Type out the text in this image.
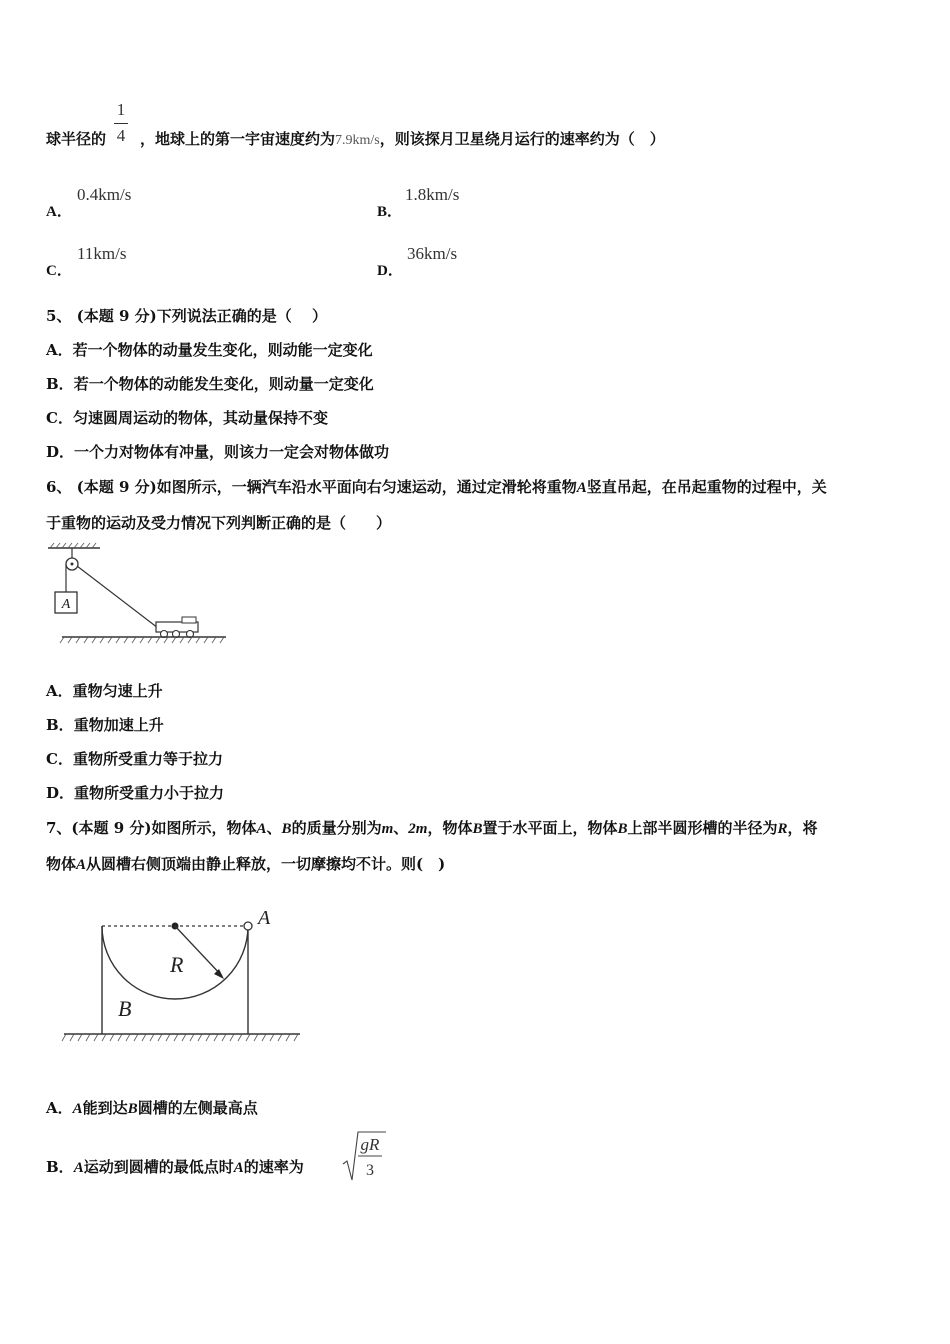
1
4
球半径的 ，地球上的第一宇宙速度约为7.9km/s，则该探月卫星绕月运行的速率约为（　）
A．
0.4km/s
B．
1.8km/s
C．
11km/s
D．
36km/s
5、 (本题 9 分)下列说法正确的是（　 ）
A．若一个物体的动量发生变化，则动能一定变化
B．若一个物体的动能发生变化，则动量一定变化
C．匀速圆周运动的物体，其动量保持不变
D．一个力对物体有冲量，则该力一定会对物体做功
6、 (本题 9 分)如图所示，一辆汽车沿水平面向右匀速运动，通过定滑轮将重物A竖直吊起，在吊起重物的过程中，关
于重物的运动及受力情况下列判断正确的是（　　）
A
A．重物匀速上升
B．重物加速上升
C．重物所受重力等于拉力
D．重物所受重力小于拉力
7、(本题 9 分)如图所示，物体A、B的质量分别为m、2m，物体B置于水平面上，物体B上部半圆形槽的半径为R，将
物体A从圆槽右侧顶端由静止释放，一切摩擦均不计。则(　)
A
R
B
A．A能到达B圆槽的左侧最高点
B．A运动到圆槽的最低点时A的速率为
gR
3
